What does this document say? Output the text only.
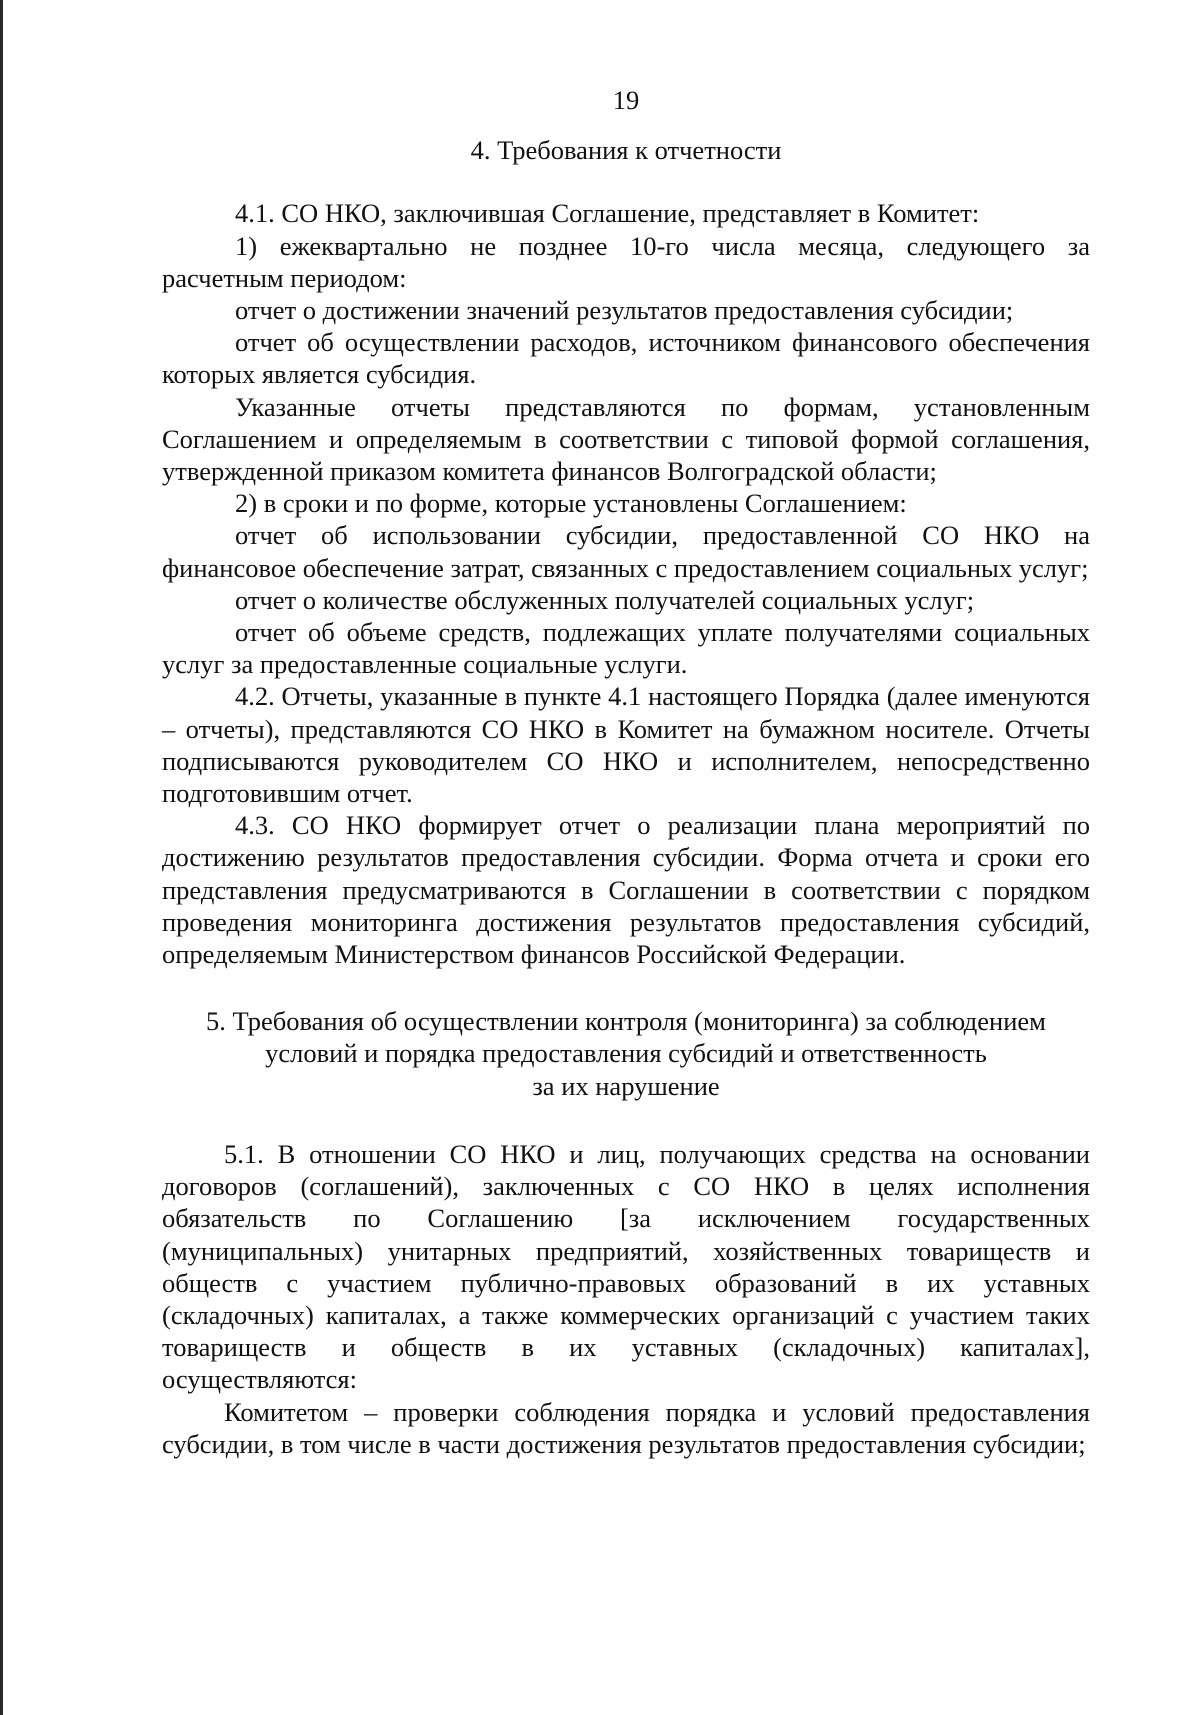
19
4. Требования к отчетности

4.1. СО НКО, заключившая Соглашение, представляет в Комитет:

1) ежеквартально не позднее 10-го числа месяца, следующего за расчетным периодом:

отчет о достижении значений результатов предоставления субсидии;

отчет об осуществлении расходов, источником финансового обеспечения которых является субсидия.

Указанные отчеты представляются по формам, установленным Соглашением и определяемым в соответствии с типовой формой соглашения, утвержденной приказом комитета финансов Волгоградской области;

2) в сроки и по форме, которые установлены Соглашением:

отчет об использовании субсидии, предоставленной СО НКО на финансовое обеспечение затрат, связанных с предоставлением социальных услуг;

отчет о количестве обслуженных получателей социальных услуг;

отчет об объеме средств, подлежащих уплате получателями социальных услуг за предоставленные социальные услуги.

4.2. Отчеты, указанные в пункте 4.1 настоящего Порядка (далее именуются – отчеты), представляются СО НКО в Комитет на бумажном носителе. Отчеты подписываются руководителем СО НКО и исполнителем, непосредственно подготовившим отчет.

4.3. СО НКО формирует отчет о реализации плана мероприятий по достижению результатов предоставления субсидии. Форма отчета и сроки его представления предусматриваются в Соглашении в соответствии с порядком проведения мониторинга достижения результатов предоставления субсидий, определяемым Министерством финансов Российской Федерации.

5. Требования об осуществлении контроля (мониторинга) за соблюдением
условий и порядка предоставления субсидий и ответственность
за их нарушение

5.1. В отношении СО НКО и лиц, получающих средства на основании договоров (соглашений), заключенных с СО НКО в целях исполнения обязательств по Соглашению [за исключением государственных (муниципальных) унитарных предприятий, хозяйственных товариществ и обществ с участием публично-правовых образований в их уставных (складочных) капиталах, а также коммерческих организаций с участием таких товариществ и обществ в их уставных (складочных) капиталах], осуществляются:

Комитетом – проверки соблюдения порядка и условий предоставления субсидии, в том числе в части достижения результатов предоставления субсидии;
